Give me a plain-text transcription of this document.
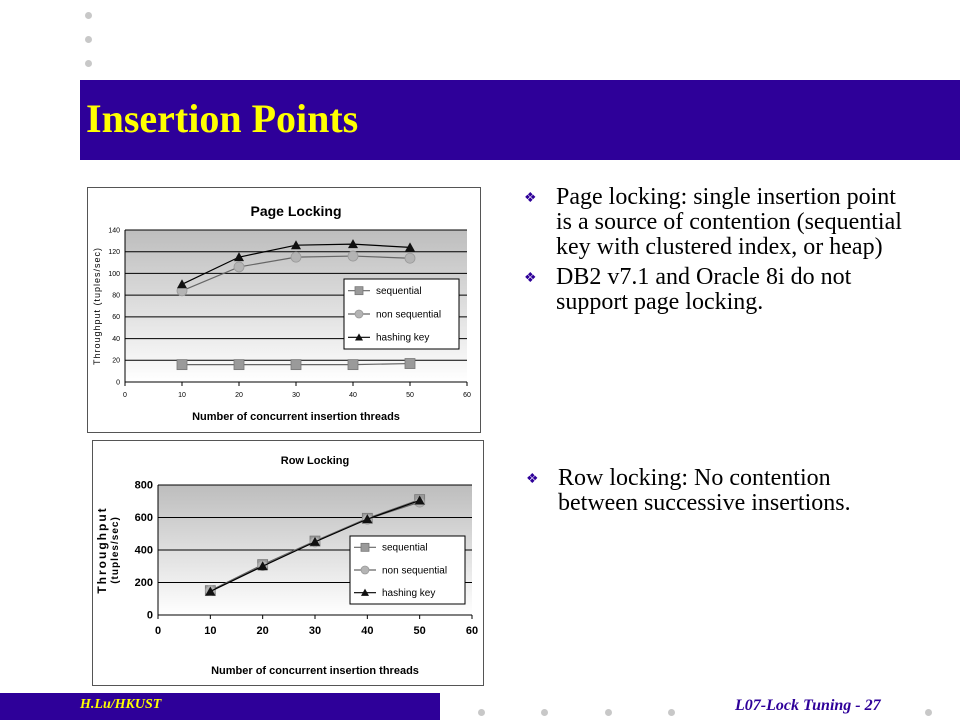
Insertion Points
0
20
40
60
80
100
120
140
0	10	20	30	40	50	60
Page Locking
Number of concurrent insertion threads
Throughput (tuples/sec)	sequential
non sequential
hashing key
0
200
400
600
800
0	10	20	30	40	50	60
Row Locking
Number of concurrent insertion threads
Throughput (tuples/sec)	sequential
non sequential
hashing key
❖ Page locking: single insertion point is a source of contention (sequential key with clustered index, or heap)
❖ DB2 v7.1 and Oracle 8i do not support page locking.
❖ Row locking: No contention between successive insertions.
H.Lu/HKUST	L07-Lock Tuning - 27
